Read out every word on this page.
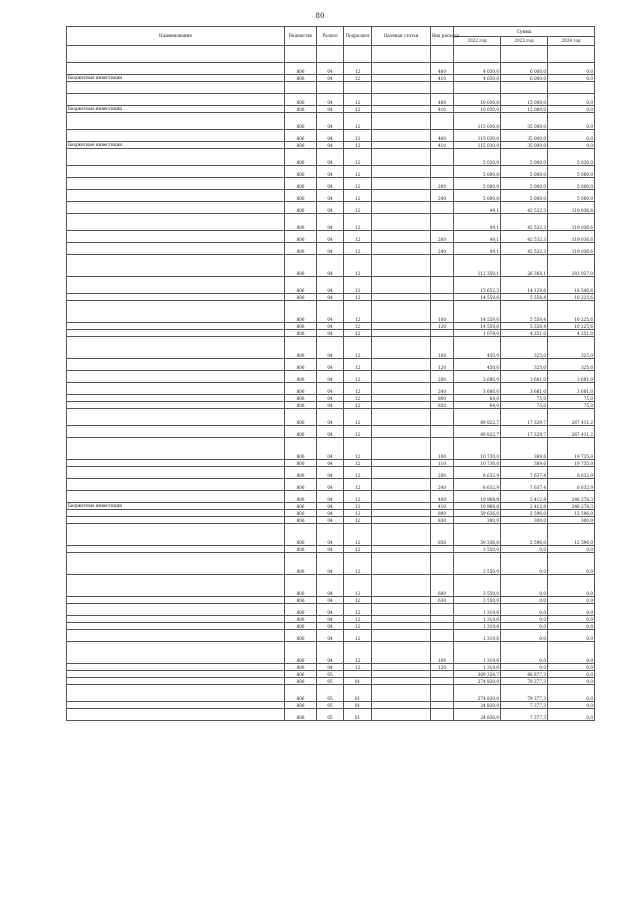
80
Наименование	Ведомство	Раздел	Подраздел	Целевая статья	Вид расхода	Сумма		
						2022 год	2023 год	2024 год

	806	04	12		400	4 030,0	6 000,0	0,0
Бюджетные инвестиции	806	04	12		410	4 030,0	6 000,0	0,0

	806	04	12		400	10 030,0	15 000,0	0,0
Бюджетные инвестиции	806	04	12		410	10 030,0	15 000,0	0,0
	806	04	12			115 030,0	35 000,0	0,0
	806	04	12		400	115 030,0	35 000,0	0,0
Бюджетные инвестиции	806	04	12		410	115 030,0	35 000,0	0,0
	806	04	12			5 030,0	5 000,0	5 030,0
	806	04	12			5 000,0	5 000,0	5 000,0
	806	04	12		200	5 000,0	5 000,0	5 000,0
	806	04	12		240	5 000,0	5 000,0	5 000,0
	806	04	12			49,1	42 532,3	119 036,6
	806	04	12			49,1	42 532,3	119 036,6
	806	04	12		200	49,1	42 532,3	119 036,6
	806	04	12		240	49,1	42 532,3	119 036,6
	806	04	12			112 350,1	26 368,1	281 937,0
	806	04	12			15 652,3	14 129,6	18 546,6
	806	04	12			14 559,6	5 558,4	10 225,6
	806	04	12		100	14 559,6	5 558,4	10 225,6
	806	04	12		120	14 559,6	5 558,4	10 225,6
	806	04	12			1 078,0	4 251,0	4 251,0
	806	04	12		100	450,0	325,0	325,0
	806	04	12		120	450,0	325,0	325,0
	806	04	12		200	3 680,0	3 681,0	3 681,0
	806	04	12		240	3 680,0	3 681,0	3 681,0
	806	04	12		800	64,0	75,0	75,0
	806	04	12		850	64,0	75,0	75,0
	806	04	12			89 822,7	17 329,7	267 411,2
	806	04	12			89 822,7	17 329,7	267 411,2
	806	04	12		100	10 730,0	389,6	19 735,0
	806	04	12		110	10 730,0	389,6	19 735,0
	806	04	12		200	8 632,9	7 637,4	8 632,9
	806	04	12		240	8 632,9	7 637,4	8 632,9
	806	04	12		400	10 968,8	2 412,8	246 278,3
Бюджетные инвестиции	806	04	12		410	10 968,8	2 412,8	246 278,3
	806	04	12		800	59 636,0	2 596,0	12 596,0
	806	04	12		830	300,0	300,0	300,0
	806	04	12		850	59 336,0	2 596,0	12 596,0
	806	04	12			3 550,0	0,0	0,0
	806	04	12			3 550,0	0,0	0,0
	806	04	12		600	3 550,0	0,0	0,0
	806	04	12		630	3 550,0	0,0	0,0
	806	04	12			1 319,6	0,0	0,0
	806	04	12			1 319,6	0,0	0,0
	806	04	12			1 319,6	0,0	0,0
	806	04	12			1 319,6	0,0	0,0
	806	04	12		100	1 319,6	0,0	0,0
	806	04	12		120	1 319,6	0,0	0,0
	806	05				309 324,7	88 877,3	0,0
	806	05	01			274 830,0	79 377,3	0,0
	806	05	01			274 830,0	79 377,3	0,0
	806	05	01			24 830,0	7 377,3	0,0
	806	05	01			24 830,0	7 377,3	0,0
